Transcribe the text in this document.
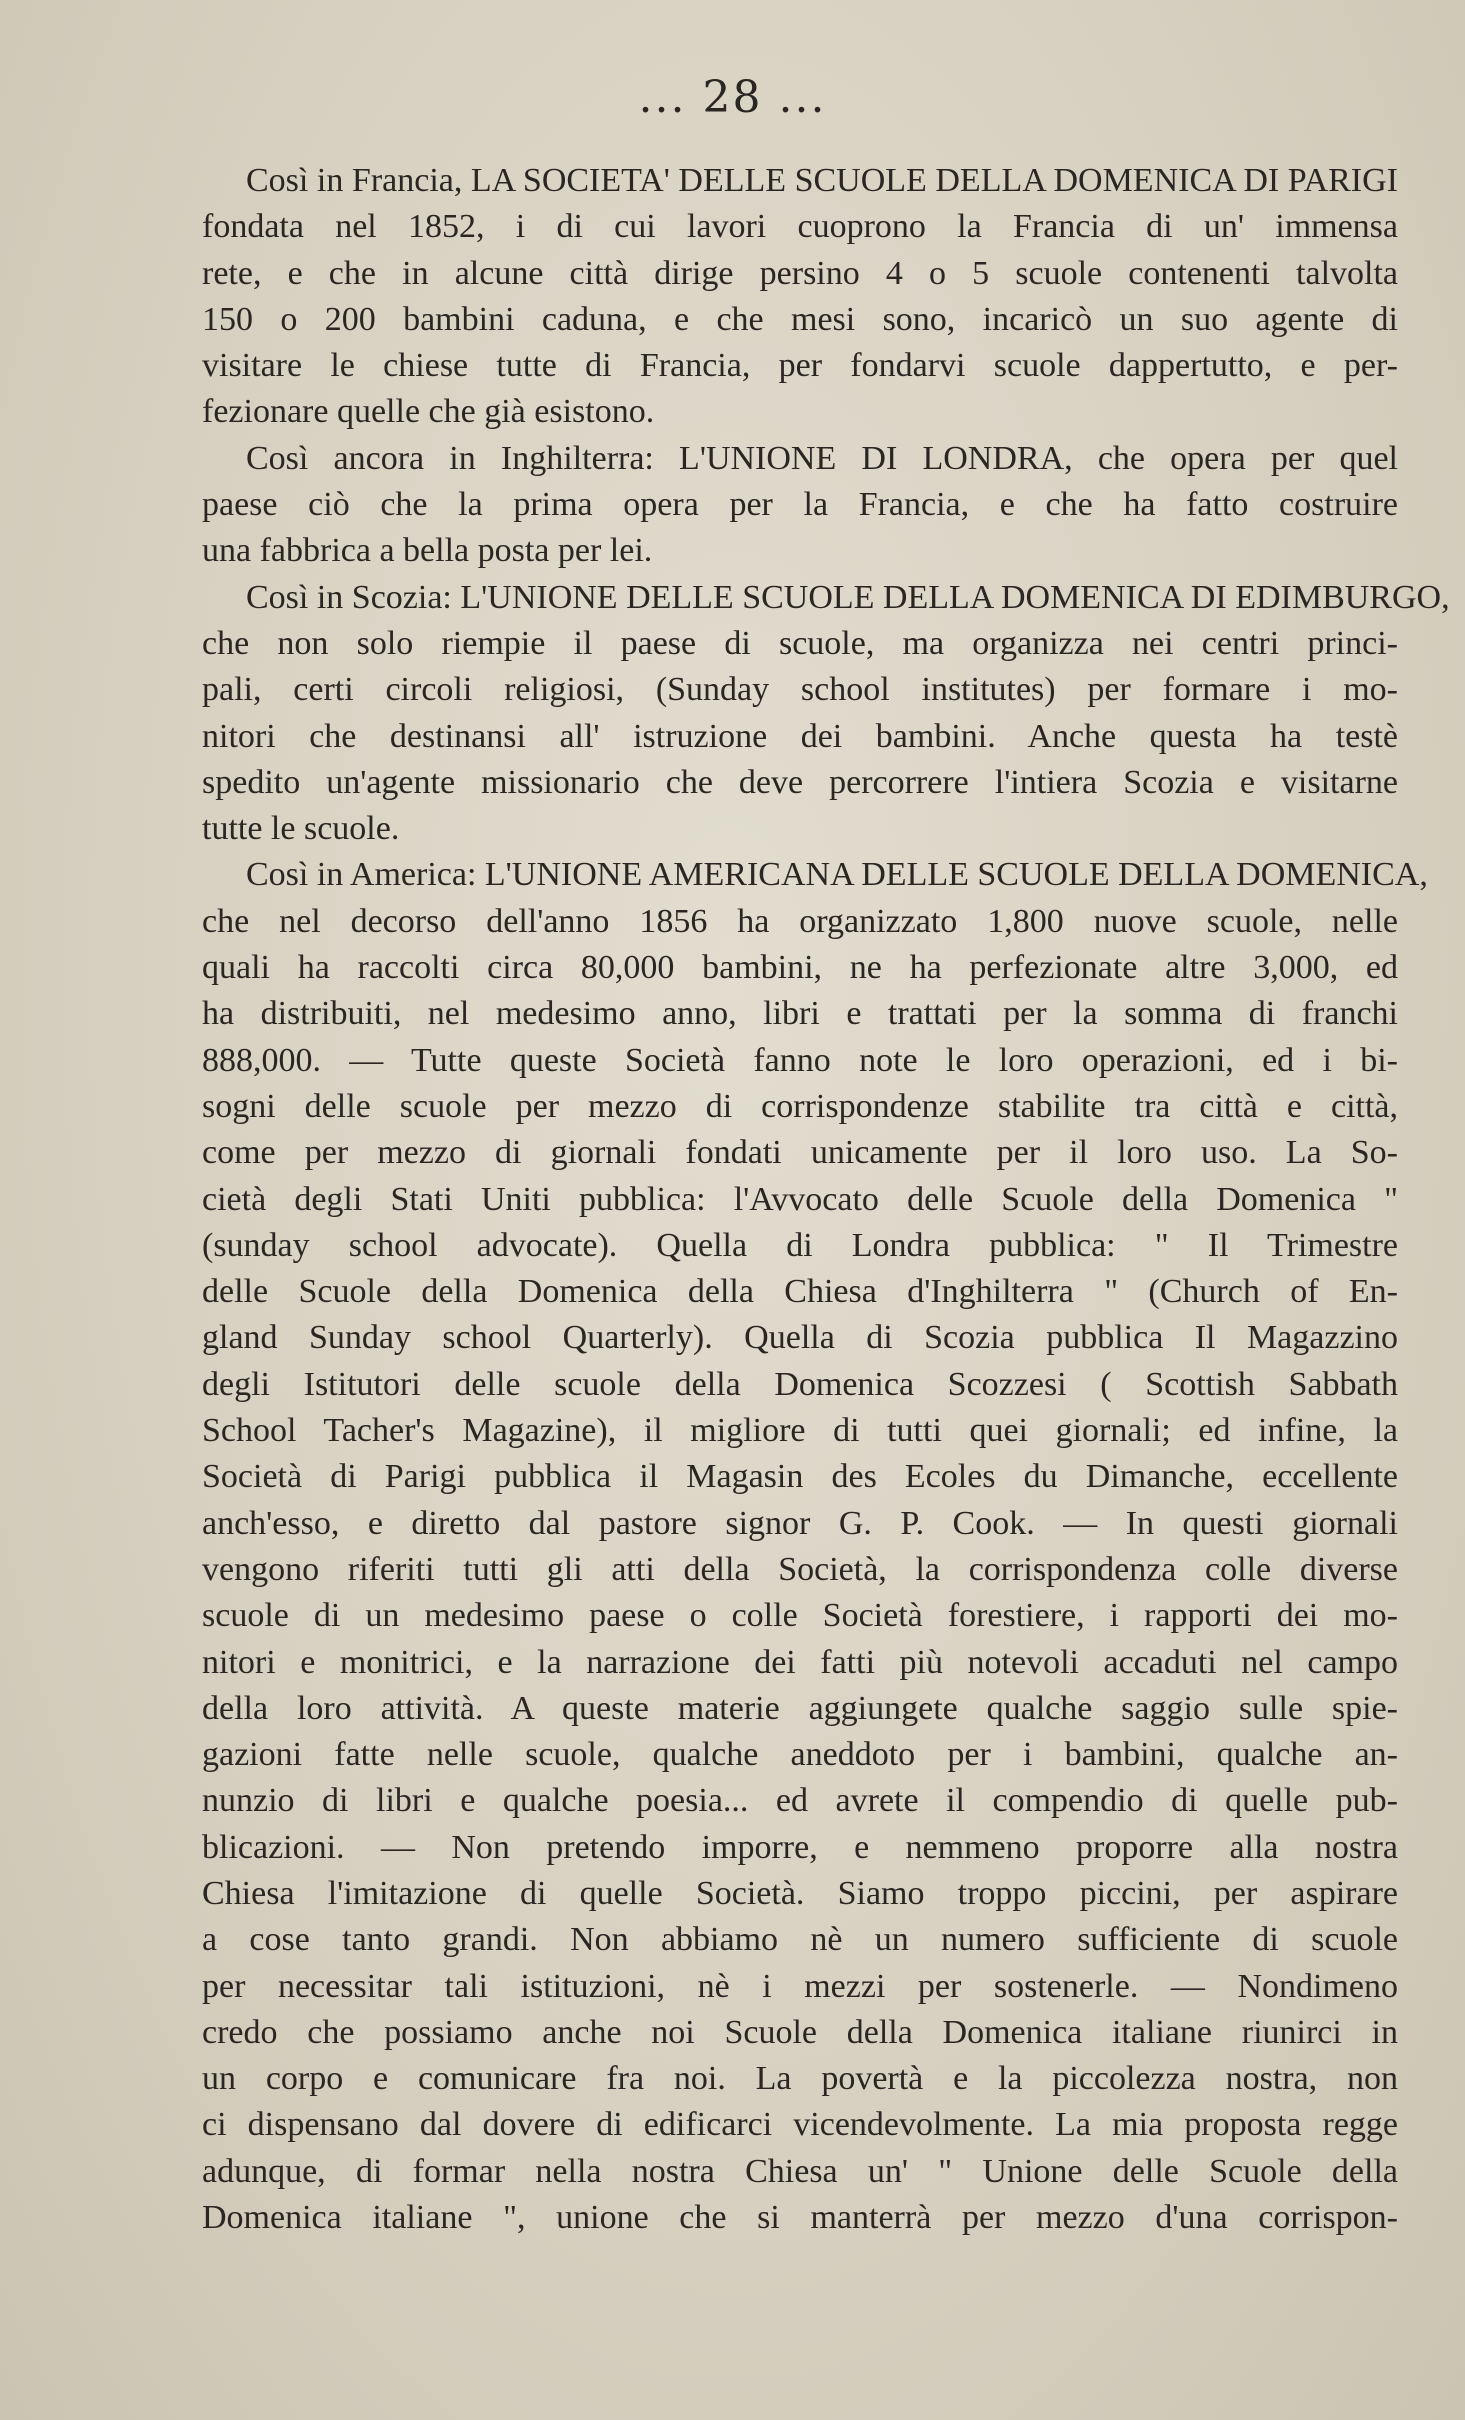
... 28 ...
Così in Francia, LA SOCIETA' DELLE SCUOLE DELLA DOMENICA DI PARIGI
fondata nel 1852, i di cui lavori cuoprono la Francia di un' immensa
rete, e che in alcune città dirige persino 4 o 5 scuole contenenti talvolta
150 o 200 bambini caduna, e che mesi sono, incaricò un suo agente di
visitare le chiese tutte di Francia, per fondarvi scuole dappertutto, e per-
fezionare quelle che già esistono.
Così ancora in Inghilterra: L'UNIONE DI LONDRA, che opera per quel
paese ciò che la prima opera per la Francia, e che ha fatto costruire
una fabbrica a bella posta per lei.
Così in Scozia: L'UNIONE DELLE SCUOLE DELLA DOMENICA DI EDIMBURGO,
che non solo riempie il paese di scuole, ma organizza nei centri princi-
pali, certi circoli religiosi, (Sunday school institutes) per formare i mo-
nitori che destinansi all' istruzione dei bambini. Anche questa ha testè
spedito un'agente missionario che deve percorrere l'intiera Scozia e visitarne
tutte le scuole.
Così in America: L'UNIONE AMERICANA DELLE SCUOLE DELLA DOMENICA,
che nel decorso dell'anno 1856 ha organizzato 1,800 nuove scuole, nelle
quali ha raccolti circa 80,000 bambini, ne ha perfezionate altre 3,000, ed
ha distribuiti, nel medesimo anno, libri e trattati per la somma di franchi
888,000. — Tutte queste Società fanno note le loro operazioni, ed i bi-
sogni delle scuole per mezzo di corrispondenze stabilite tra città e città,
come per mezzo di giornali fondati unicamente per il loro uso. La So-
cietà degli Stati Uniti pubblica: l'Avvocato delle Scuole della Domenica "
(sunday school advocate). Quella di Londra pubblica: " Il Trimestre
delle Scuole della Domenica della Chiesa d'Inghilterra " (Church of En-
gland Sunday school Quarterly). Quella di Scozia pubblica Il Magazzino
degli Istitutori delle scuole della Domenica Scozzesi ( Scottish Sabbath
School Tacher's Magazine), il migliore di tutti quei giornali; ed infine, la
Società di Parigi pubblica il Magasin des Ecoles du Dimanche, eccellente
anch'esso, e diretto dal pastore signor G. P. Cook. — In questi giornali
vengono riferiti tutti gli atti della Società, la corrispondenza colle diverse
scuole di un medesimo paese o colle Società forestiere, i rapporti dei mo-
nitori e monitrici, e la narrazione dei fatti più notevoli accaduti nel campo
della loro attività. A queste materie aggiungete qualche saggio sulle spie-
gazioni fatte nelle scuole, qualche aneddoto per i bambini, qualche an-
nunzio di libri e qualche poesia... ed avrete il compendio di quelle pub-
blicazioni. — Non pretendo imporre, e nemmeno proporre alla nostra
Chiesa l'imitazione di quelle Società. Siamo troppo piccini, per aspirare
a cose tanto grandi. Non abbiamo nè un numero sufficiente di scuole
per necessitar tali istituzioni, nè i mezzi per sostenerle. — Nondimeno
credo che possiamo anche noi Scuole della Domenica italiane riunirci in
un corpo e comunicare fra noi. La povertà e la piccolezza nostra, non
ci dispensano dal dovere di edificarci vicendevolmente. La mia proposta regge
adunque, di formar nella nostra Chiesa un' " Unione delle Scuole della
Domenica italiane ", unione che si manterrà per mezzo d'una corrispon-
